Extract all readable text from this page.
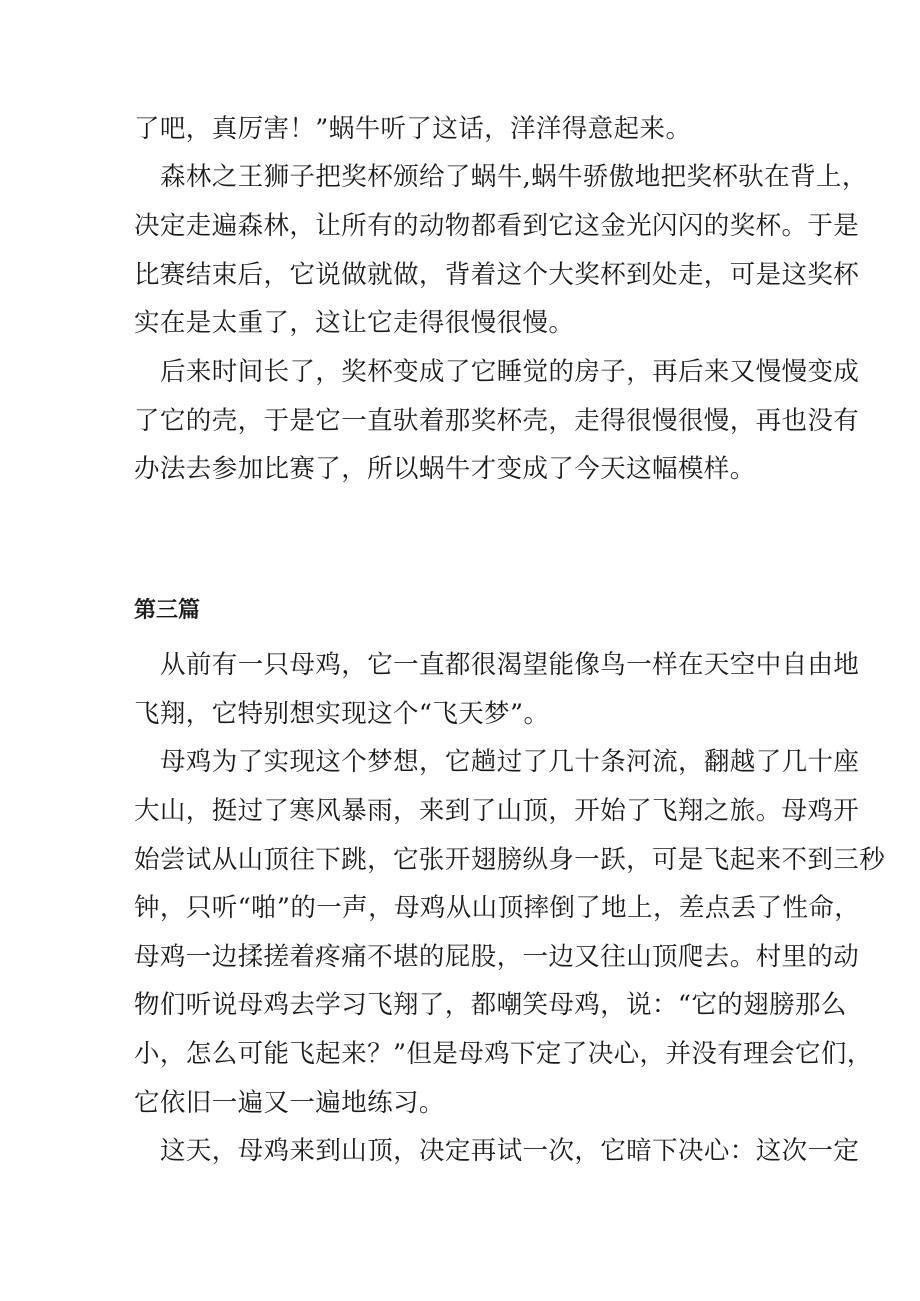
了吧，真厉害！”蜗牛听了这话，洋洋得意起来。

森林之王狮子把奖杯颁给了蜗牛,蜗牛骄傲地把奖杯驮在背上，

决定走遍森林，让所有的动物都看到它这金光闪闪的奖杯。于是

比赛结束后，它说做就做，背着这个大奖杯到处走，可是这奖杯

实在是太重了，这让它走得很慢很慢。

后来时间长了，奖杯变成了它睡觉的房子，再后来又慢慢变成

了它的壳，于是它一直驮着那奖杯壳，走得很慢很慢，再也没有

办法去参加比赛了，所以蜗牛才变成了今天这幅模样。

第三篇

从前有一只母鸡，它一直都很渴望能像鸟一样在天空中自由地

飞翔，它特别想实现这个“飞天梦”。

母鸡为了实现这个梦想，它趟过了几十条河流，翻越了几十座

大山，挺过了寒风暴雨，来到了山顶，开始了飞翔之旅。母鸡开

始尝试从山顶往下跳，它张开翅膀纵身一跃，可是飞起来不到三秒

钟，只听“啪”的一声，母鸡从山顶摔倒了地上，差点丢了性命，

母鸡一边揉搓着疼痛不堪的屁股，一边又往山顶爬去。村里的动

物们听说母鸡去学习飞翔了，都嘲笑母鸡，说：“它的翅膀那么

小，怎么可能飞起来？”但是母鸡下定了决心，并没有理会它们，

它依旧一遍又一遍地练习。

这天，母鸡来到山顶，决定再试一次，它暗下决心：这次一定
